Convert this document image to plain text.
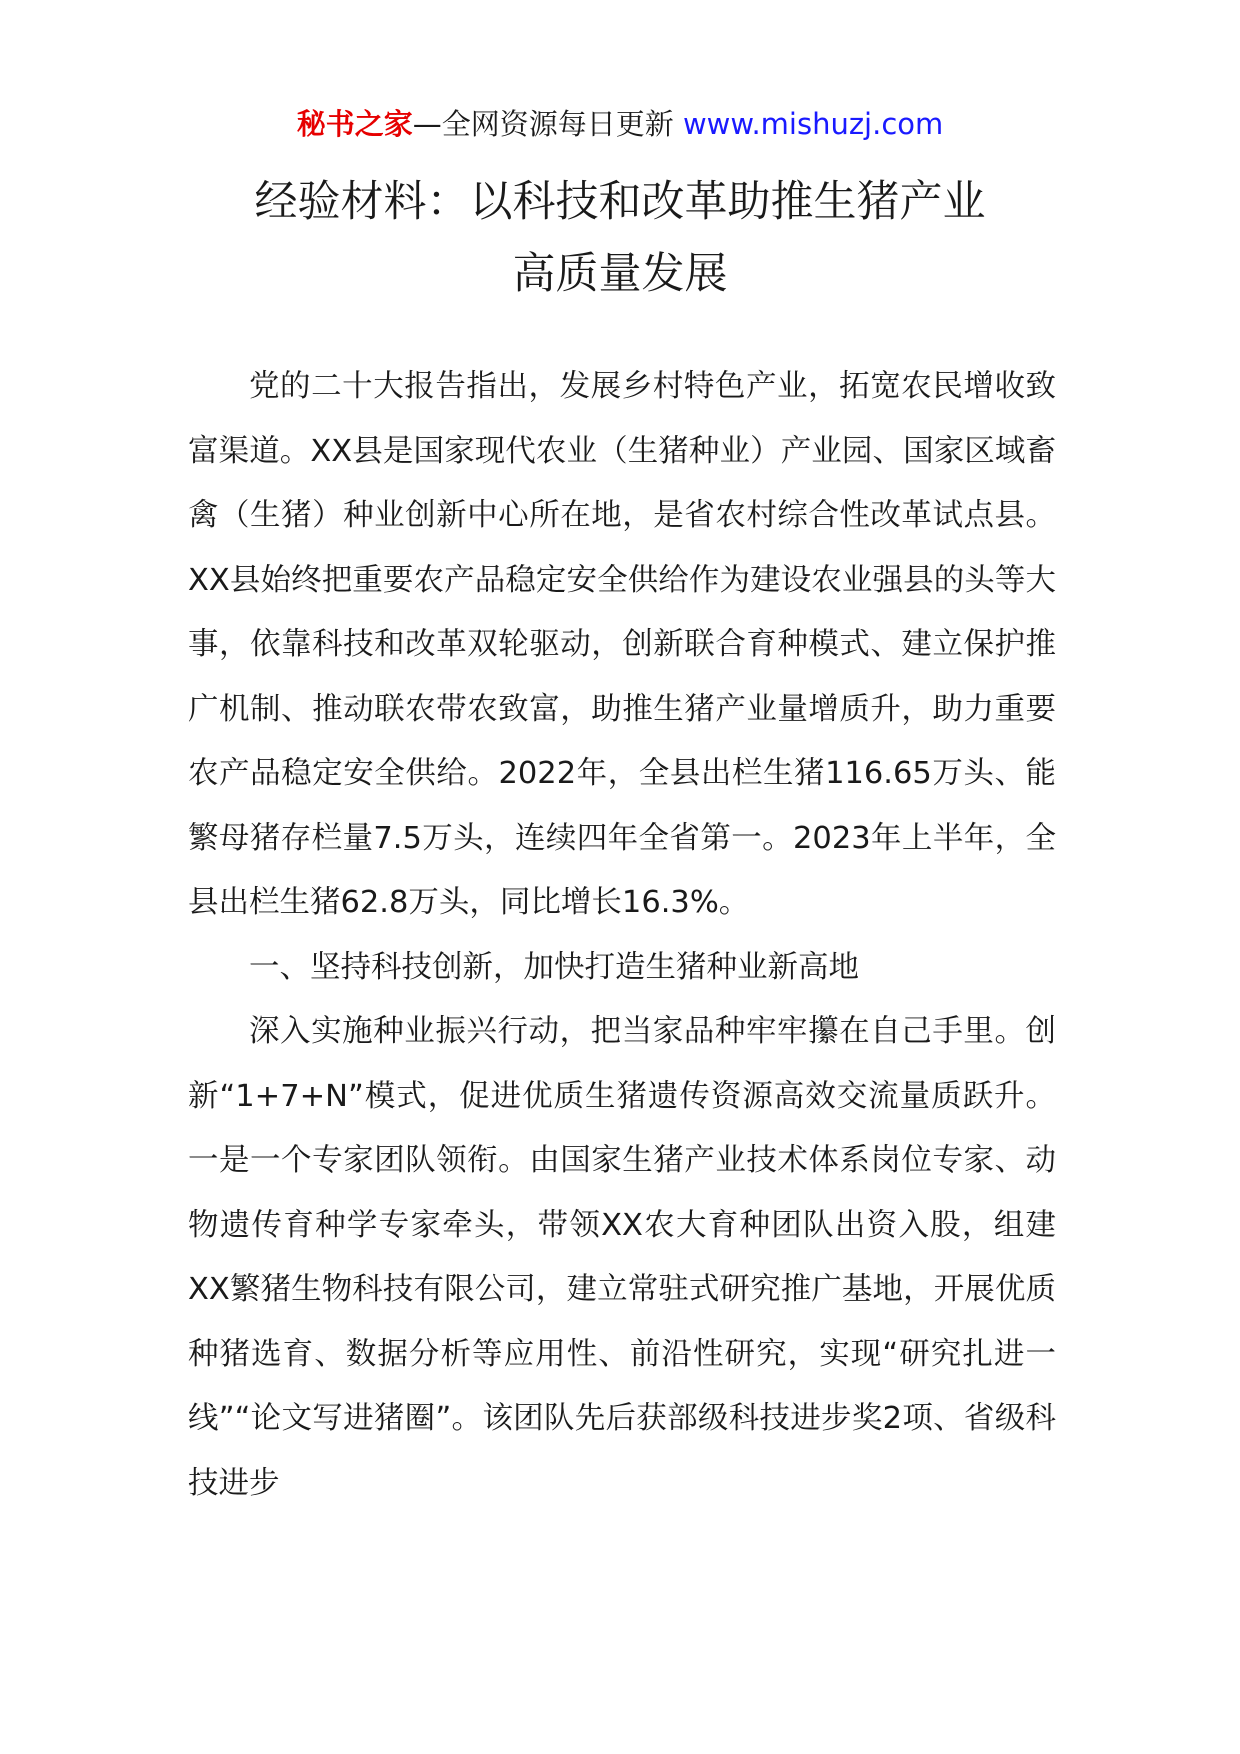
秘书之家—全网资源每日更新 www.mishuzj.com
经验材料：以科技和改革助推生猪产业
高质量发展

党的二十大报告指出，发展乡村特色产业，拓宽农民增收致富渠道。XX县是国家现代农业（生猪种业）产业园、国家区域畜禽（生猪）种业创新中心所在地，是省农村综合性改革试点县。XX县始终把重要农产品稳定安全供给作为建设农业强县的头等大事，依靠科技和改革双轮驱动，创新联合育种模式、建立保护推广机制、推动联农带农致富，助推生猪产业量增质升，助力重要农产品稳定安全供给。2022年，全县出栏生猪116.65万头、能繁母猪存栏量7.5万头，连续四年全省第一。2023年上半年，全县出栏生猪62.8万头，同比增长16.3%。

一、坚持科技创新，加快打造生猪种业新高地

深入实施种业振兴行动，把当家品种牢牢攥在自己手里。创新“1+7+N”模式，促进优质生猪遗传资源高效交流量质跃升。一是一个专家团队领衔。由国家生猪产业技术体系岗位专家、动物遗传育种学专家牵头，带领XX农大育种团队出资入股，组建XX繁猪生物科技有限公司，建立常驻式研究推广基地，开展优质种猪选育、数据分析等应用性、前沿性研究，实现“研究扎进一线”“论文写进猪圈”。该团队先后获部级科技进步奖2项、省级科技进步
